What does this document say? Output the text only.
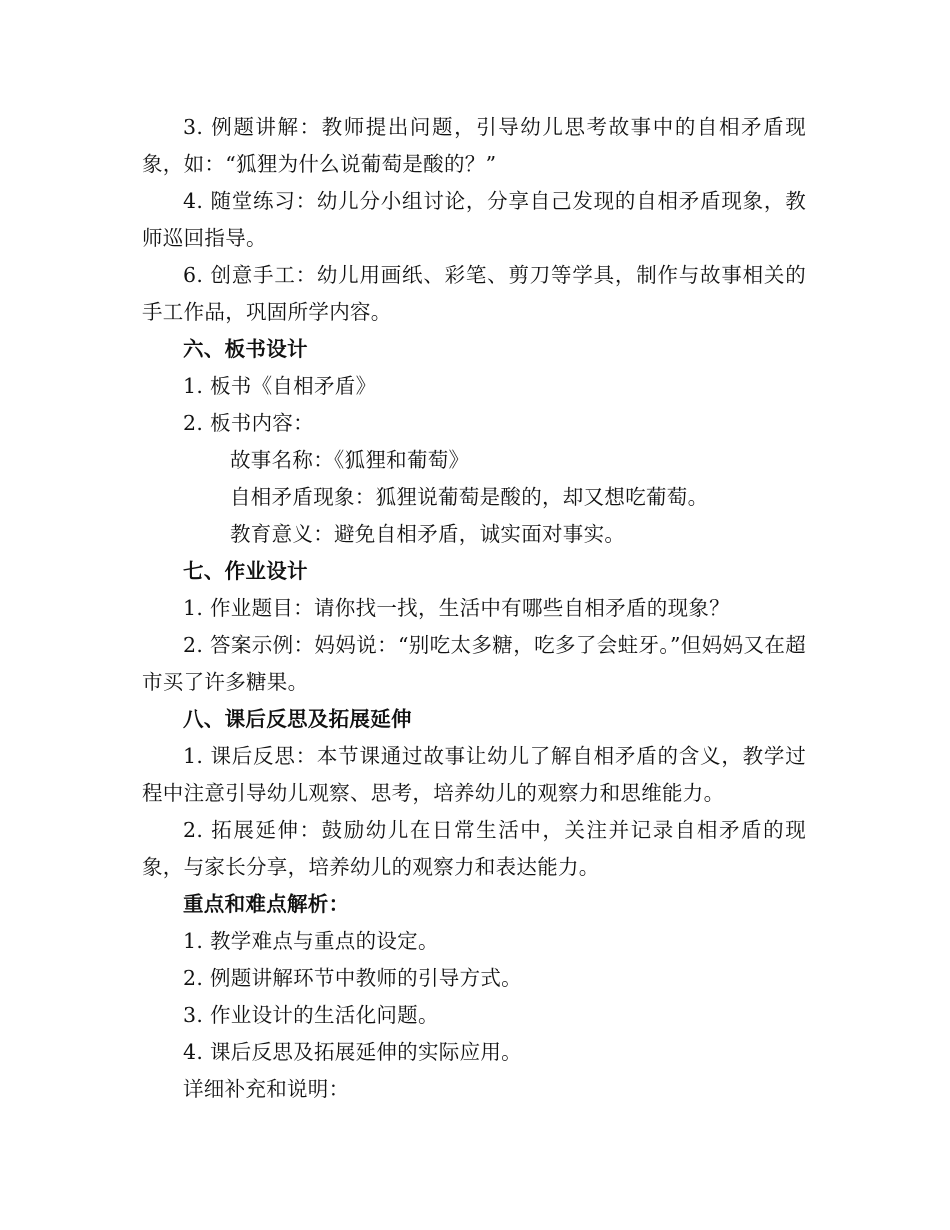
3. 例题讲解：教师提出问题，引导幼儿思考故事中的自相矛盾现象，如：“狐狸为什么说葡萄是酸的？”

4. 随堂练习：幼儿分小组讨论，分享自己发现的自相矛盾现象，教师巡回指导。

6. 创意手工：幼儿用画纸、彩笔、剪刀等学具，制作与故事相关的手工作品，巩固所学内容。

六、板书设计

1. 板书《自相矛盾》

2. 板书内容：

故事名称：《狐狸和葡萄》

自相矛盾现象：狐狸说葡萄是酸的，却又想吃葡萄。

教育意义：避免自相矛盾，诚实面对事实。

七、作业设计

1. 作业题目：请你找一找，生活中有哪些自相矛盾的现象？

2. 答案示例：妈妈说：“别吃太多糖，吃多了会蛀牙。”但妈妈又在超市买了许多糖果。

八、课后反思及拓展延伸

1. 课后反思：本节课通过故事让幼儿了解自相矛盾的含义，教学过程中注意引导幼儿观察、思考，培养幼儿的观察力和思维能力。

2. 拓展延伸：鼓励幼儿在日常生活中，关注并记录自相矛盾的现象，与家长分享，培养幼儿的观察力和表达能力。

重点和难点解析：

1. 教学难点与重点的设定。

2. 例题讲解环节中教师的引导方式。

3. 作业设计的生活化问题。

4. 课后反思及拓展延伸的实际应用。

详细补充和说明：
